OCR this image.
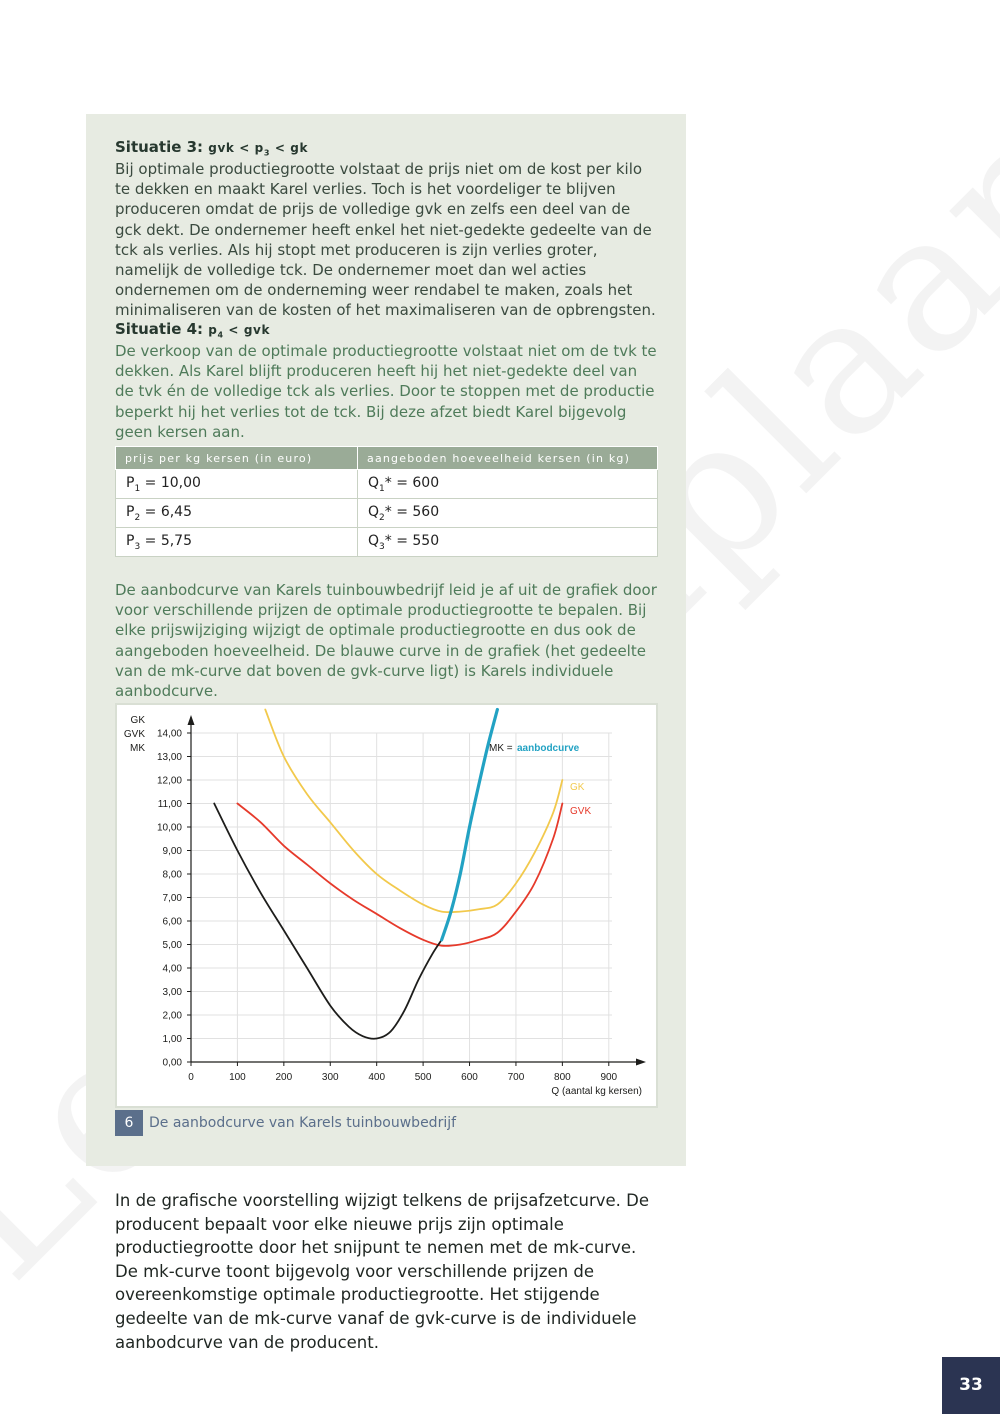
Situatie 3: gvk < $p_3$ < gk
Bij optimale productiegrootte volstaat de prijs niet om de kost per kilo te dekken en maakt Karel verlies. Toch is het voordeliger te blijven produceren omdat de prijs de volledige gvk en zelfs een deel van de gck dekt. De ondernemer heeft enkel het niet-gedekte gedeelte van de tck als verlies. Als hij stopt met produceren is zijn verlies groter, namelijk de volledige tck. De ondernemer moet dan wel acties ondernemen om de onderneming weer rendabel te maken, zoals het minimaliseren van de kosten of het maximaliseren van de opbrengsten.
Situatie 4: $p_4$ < gvk
De verkoop van de optimale productiegrootte volstaat niet om de tvk te dekken. Als Karel blijft produceren heeft hij het niet-gedekte deel van de tvk én de volledige tck als verlies. Door te stoppen met de productie beperkt hij het verlies tot de tck. Bij deze afzet biedt Karel bijgevolg geen kersen aan.
prijs per kg kersen (in euro)	aangeboden hoeveelheid kersen (in kg)
$P_1 = 10,00$	$Q_1* = 600$
$P_2 = 6,45$	$Q_2* = 560$
$P_3 = 5,75$	$Q_3* = 550$
De aanbodcurve van Karels tuinbouwbedrijf leid je af uit de grafiek door voor verschillende prijzen de optimale productiegrootte te bepalen. Bij elke prijswijziging wijzigt de optimale productiegrootte en dus ook de aangeboden hoeveelheid. De blauwe curve in de grafiek (het gedeelte van de mk-curve dat boven de gvk-curve ligt) is Karels individuele aanbodcurve.
0,00
1,00
2,00
3,00
4,00
5,00
6,00
7,00
8,00
9,00
10,00
11,00
12,00
13,00
14,00
0	100	200	300	400	500	600	700	800	900
GK
GVK
MK
Q (aantal kg kersen)
MK = aanbodcurve
GK
GVK
6	De aanbodcurve van Karels tuinbouwbedrijf
In de grafische voorstelling wijzigt telkens de prijsafzetcurve. De producent bepaalt voor elke nieuwe prijs zijn optimale productiegrootte door het snijpunt te nemen met de mk-curve. De mk-curve toont bijgevolg voor verschillende prijzen de overeenkomstige optimale productiegrootte. Het stijgende gedeelte van de mk-curve vanaf de gvk-curve is de individuele aanbodcurve van de producent.
33
